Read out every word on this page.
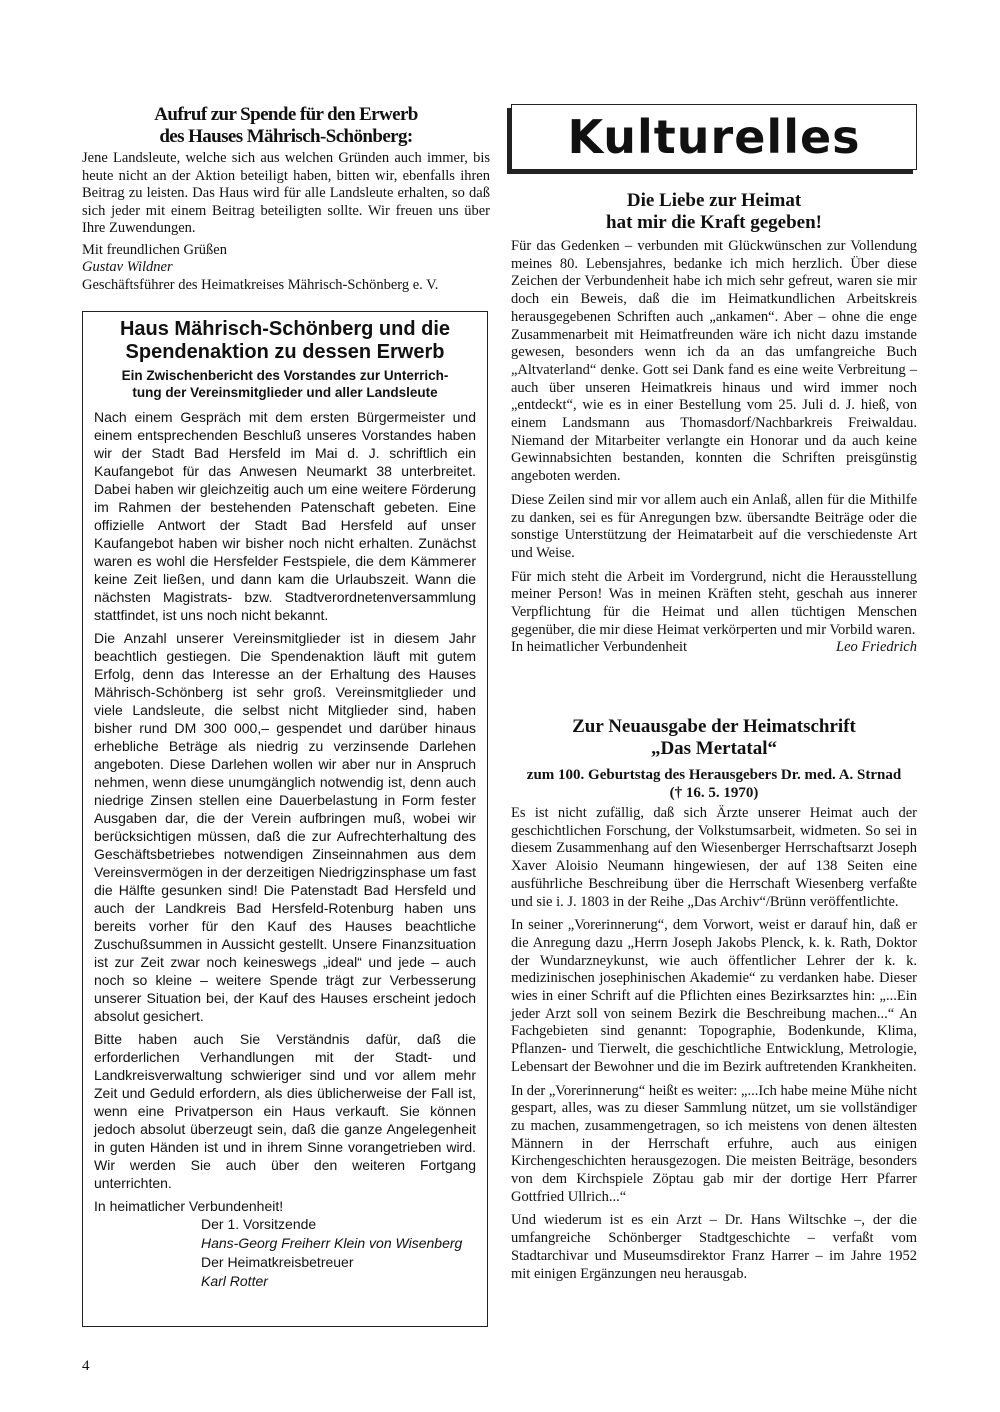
Aufruf zur Spende für den Erwerb
des Hauses Mährisch-Schönberg:

Jene Landsleute, welche sich aus welchen Gründen auch immer, bis heute nicht an der Aktion beteiligt haben, bitten wir, ebenfalls ihren Beitrag zu leisten. Das Haus wird für alle Landsleute erhalten, so daß sich jeder mit einem Beitrag beteiligten sollte. Wir freuen uns über Ihre Zuwendungen.

Mit freundlichen Grüßen

Gustav Wildner

Geschäftsführer des Heimatkreises Mährisch-Schönberg e. V.

Haus Mährisch-Schönberg und die
Spendenaktion zu dessen Erwerb

Ein Zwischenbericht des Vorstandes zur Unterrich-
tung der Vereinsmitglieder und aller Landsleute

Nach einem Gespräch mit dem ersten Bürgermeister und einem entsprechenden Beschluß unseres Vorstandes haben wir der Stadt Bad Hersfeld im Mai d. J. schriftlich ein Kaufangebot für das Anwesen Neumarkt 38 unterbreitet. Dabei haben wir gleichzeitig auch um eine weitere Förderung im Rahmen der bestehenden Patenschaft gebeten. Eine offizielle Antwort der Stadt Bad Hersfeld auf unser Kaufangebot haben wir bisher noch nicht erhalten. Zunächst waren es wohl die Hersfelder Festspiele, die dem Kämmerer keine Zeit ließen, und dann kam die Urlaubszeit. Wann die nächsten Magistrats- bzw. Stadtverordnetenversammlung stattfindet, ist uns noch nicht bekannt.

Die Anzahl unserer Vereinsmitglieder ist in diesem Jahr beachtlich gestiegen. Die Spendenaktion läuft mit gutem Erfolg, denn das Interesse an der Erhaltung des Hauses Mährisch-Schönberg ist sehr groß. Vereinsmitglieder und viele Landsleute, die selbst nicht Mitglieder sind, haben bisher rund DM 300 000,– gespendet und darüber hinaus erhebliche Beträge als niedrig zu verzinsende Darlehen angeboten. Diese Darlehen wollen wir aber nur in Anspruch nehmen, wenn diese unumgänglich notwendig ist, denn auch niedrige Zinsen stellen eine Dauerbelastung in Form fester Ausgaben dar, die der Verein aufbringen muß, wobei wir berücksichtigen müssen, daß die zur Aufrechterhaltung des Geschäftsbetriebes notwendigen Zinseinnahmen aus dem Vereinsvermögen in der derzeitigen Niedrigzinsphase um fast die Hälfte gesunken sind! Die Patenstadt Bad Hersfeld und auch der Landkreis Bad Hersfeld-Rotenburg haben uns bereits vorher für den Kauf des Hauses beachtliche Zuschußsummen in Aussicht gestellt. Unsere Finanzsituation ist zur Zeit zwar noch keineswegs „ideal“ und jede – auch noch so kleine – weitere Spende trägt zur Verbesserung unserer Situation bei, der Kauf des Hauses erscheint jedoch absolut gesichert.

Bitte haben auch Sie Verständnis dafür, daß die erforderlichen Verhandlungen mit der Stadt- und Landkreisverwaltung schwieriger sind und vor allem mehr Zeit und Geduld erfordern, als dies üblicherweise der Fall ist, wenn eine Privatperson ein Haus verkauft. Sie können jedoch absolut überzeugt sein, daß die ganze Angelegenheit in guten Händen ist und in ihrem Sinne vorangetrieben wird. Wir werden Sie auch über den weiteren Fortgang unterrichten.

In heimatlicher Verbundenheit!

Der 1. Vorsitzende
Hans-Georg Freiherr Klein von Wisenberg
Der Heimatkreisbetreuer
Karl Rotter
Kulturelles

Die Liebe zur Heimat
hat mir die Kraft gegeben!

Für das Gedenken – verbunden mit Glückwünschen zur Vollendung meines 80. Lebensjahres, bedanke ich mich herzlich. Über diese Zeichen der Verbundenheit habe ich mich sehr gefreut, waren sie mir doch ein Beweis, daß die im Heimatkundlichen Arbeitskreis herausgegebenen Schriften auch „ankamen“. Aber – ohne die enge Zusammenarbeit mit Heimatfreunden wäre ich nicht dazu imstande gewesen, besonders wenn ich da an das umfangreiche Buch „Altvaterland“ denke. Gott sei Dank fand es eine weite Verbreitung – auch über unseren Heimatkreis hinaus und wird immer noch „entdeckt“, wie es in einer Bestellung vom 25. Juli d. J. hieß, von einem Landsmann aus Thomasdorf/Nachbarkreis Freiwaldau. Niemand der Mitarbeiter verlangte ein Honorar und da auch keine Gewinnabsichten bestanden, konnten die Schriften preisgünstig angeboten werden.

Diese Zeilen sind mir vor allem auch ein Anlaß, allen für die Mithilfe zu danken, sei es für Anregungen bzw. übersandte Beiträge oder die sonstige Unterstützung der Heimatarbeit auf die verschiedenste Art und Weise.

Für mich steht die Arbeit im Vordergrund, nicht die Herausstellung meiner Person! Was in meinen Kräften steht, geschah aus innerer Verpflichtung für die Heimat und allen tüchtigen Menschen gegenüber, die mir diese Heimat verkörperten und mir Vorbild waren.

In heimatlicher Verbundenheit	Leo Friedrich

Zur Neuausgabe der Heimatschrift
„Das Mertatal“

zum 100. Geburtstag des Herausgebers Dr. med. A. Strnad
(† 16. 5. 1970)

Es ist nicht zufällig, daß sich Ärzte unserer Heimat auch der geschichtlichen Forschung, der Volkstumsarbeit, widmeten. So sei in diesem Zusammenhang auf den Wiesenberger Herrschaftsarzt Joseph Xaver Aloisio Neumann hingewiesen, der auf 138 Seiten eine ausführliche Beschreibung über die Herrschaft Wiesenberg verfaßte und sie i. J. 1803 in der Reihe „Das Archiv“/Brünn veröffentlichte.

In seiner „Vorerinnerung“, dem Vorwort, weist er darauf hin, daß er die Anregung dazu „Herrn Joseph Jakobs Plenck, k. k. Rath, Doktor der Wundarzneykunst, wie auch öffentlicher Lehrer der k. k. medizinischen josephinischen Akademie“ zu verdanken habe. Dieser wies in einer Schrift auf die Pflichten eines Bezirksarztes hin: „...Ein jeder Arzt soll von seinem Bezirk die Beschreibung machen...“ An Fachgebieten sind genannt: Topographie, Bodenkunde, Klima, Pflanzen- und Tierwelt, die geschichtliche Entwicklung, Metrologie, Lebensart der Bewohner und die im Bezirk auftretenden Krankheiten.

In der „Vorerinnerung“ heißt es weiter: „...Ich habe meine Mühe nicht gespart, alles, was zu dieser Sammlung nützet, um sie vollständiger zu machen, zusammengetragen, so ich meistens von denen ältesten Männern in der Herrschaft erfuhre, auch aus einigen Kirchengeschichten herausgezogen. Die meisten Beiträge, besonders von dem Kirchspiele Zöptau gab mir der dortige Herr Pfarrer Gottfried Ullrich...“

Und wiederum ist es ein Arzt – Dr. Hans Wiltschke –, der die umfangreiche Schönberger Stadtgeschichte – verfaßt vom Stadtarchivar und Museumsdirektor Franz Harrer – im Jahre 1952 mit einigen Ergänzungen neu herausgab.

4
